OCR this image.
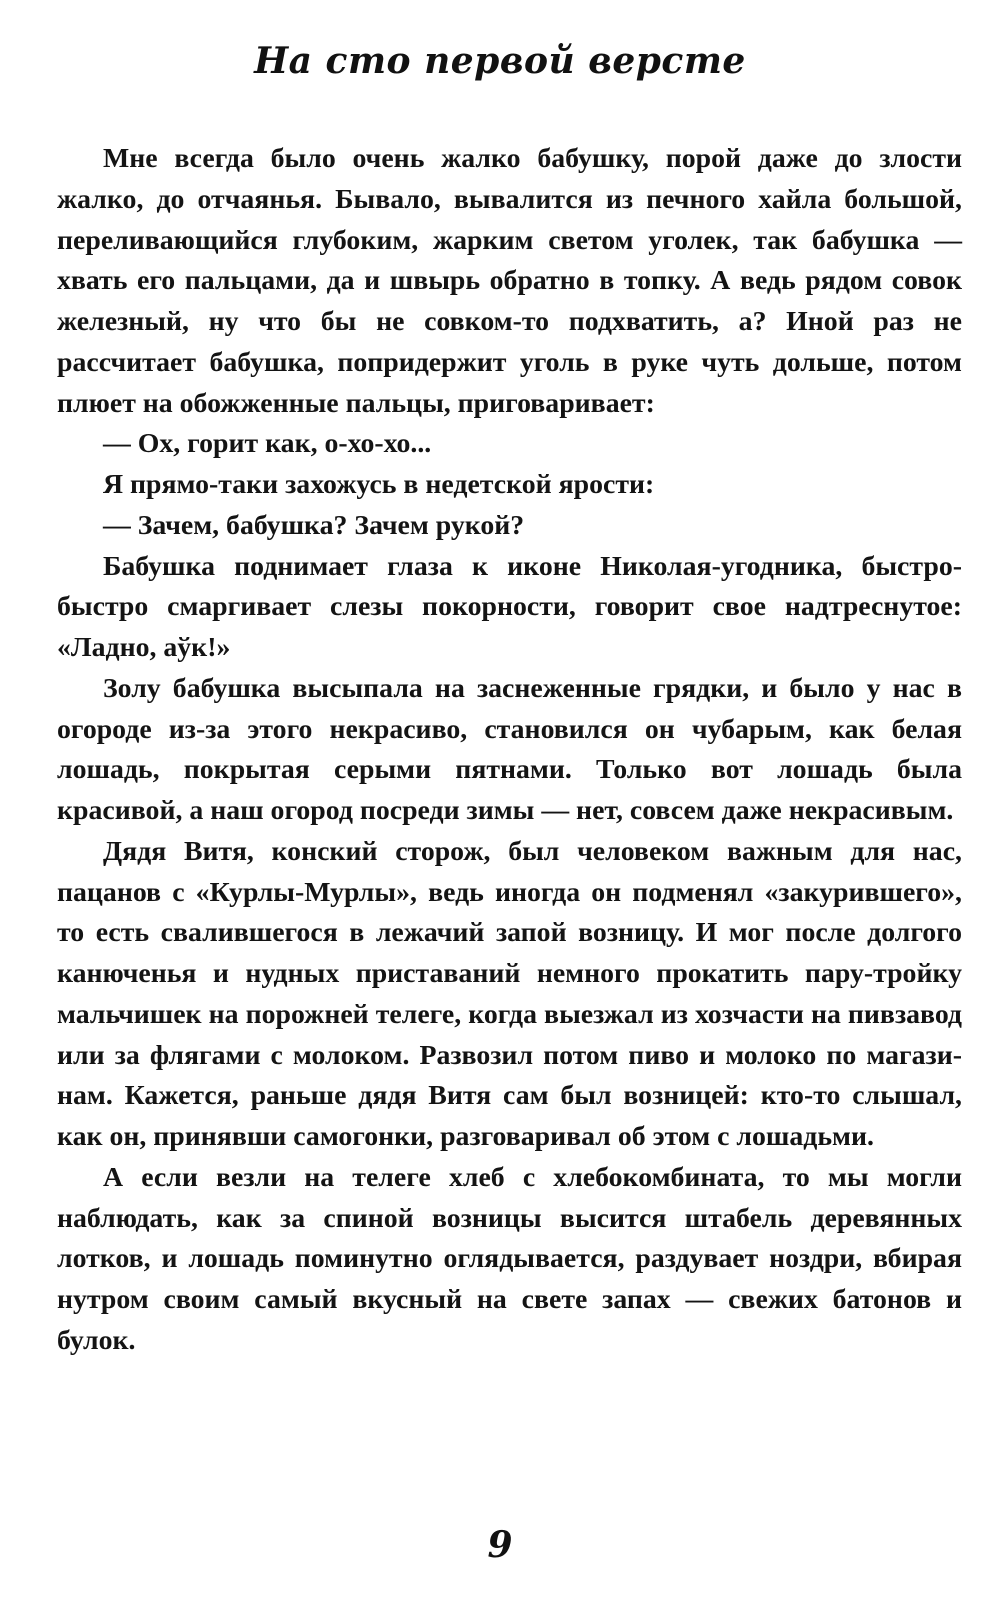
На сто первой версте

Мне всегда было очень жалко бабушку, порой даже до злости жалко, до отчаянья. Бывало, вывалится из печного хайла большой, переливающийся глубоким, жарким светом уголек, так бабушка — хвать его пальцами, да и швырь обратно в топку. А ведь рядом совок железный, ну что бы не совком-то подхватить, а? Иной раз не рассчитает бабушка, попридержит уголь в руке чуть дольше, потом плюет на обожженные пальцы, приговаривает:

— Ох, горит как, о-хо-хо...

Я прямо-таки захожусь в недетской ярости:

— Зачем, бабушка? Зачем рукой?

Бабушка поднимает глаза к иконе Николая-угодника, быстро-быстро смаргивает слезы покорности, говорит свое надтреснутое: «Ладно, аўк!»

Золу бабушка высыпала на заснеженные грядки, и было у нас в огороде из-за этого некрасиво, становился он чубарым, как белая лошадь, покрытая серыми пятнами. Только вот лошадь была красивой, а наш огород посреди зимы — нет, совсем даже некрасивым.

Дядя Витя, конский сторож, был человеком важным для нас, пацанов с «Курлы-Мурлы», ведь иногда он подменял «закурившего», то есть свалившегося в лежачий запой возницу. И мог после долгого канюченья и нудных приставаний немного прокатить пару-тройку мальчишек на порожней телеге, когда выезжал из хозчасти на пивзавод или за флягами с молоком. Развозил потом пиво и молоко по магазинам. Кажется, раньше дядя Витя сам был возницей: кто-то слышал, как он, принявши самогонки, разговаривал об этом с лошадьми.

А если везли на телеге хлеб с хлебокомбината, то мы могли наблюдать, как за спиной возницы высится штабель деревянных лотков, и лошадь поминутно оглядывается, раздувает ноздри, вбирая нутром своим самый вкусный на свете запах — свежих батонов и булок.

9
